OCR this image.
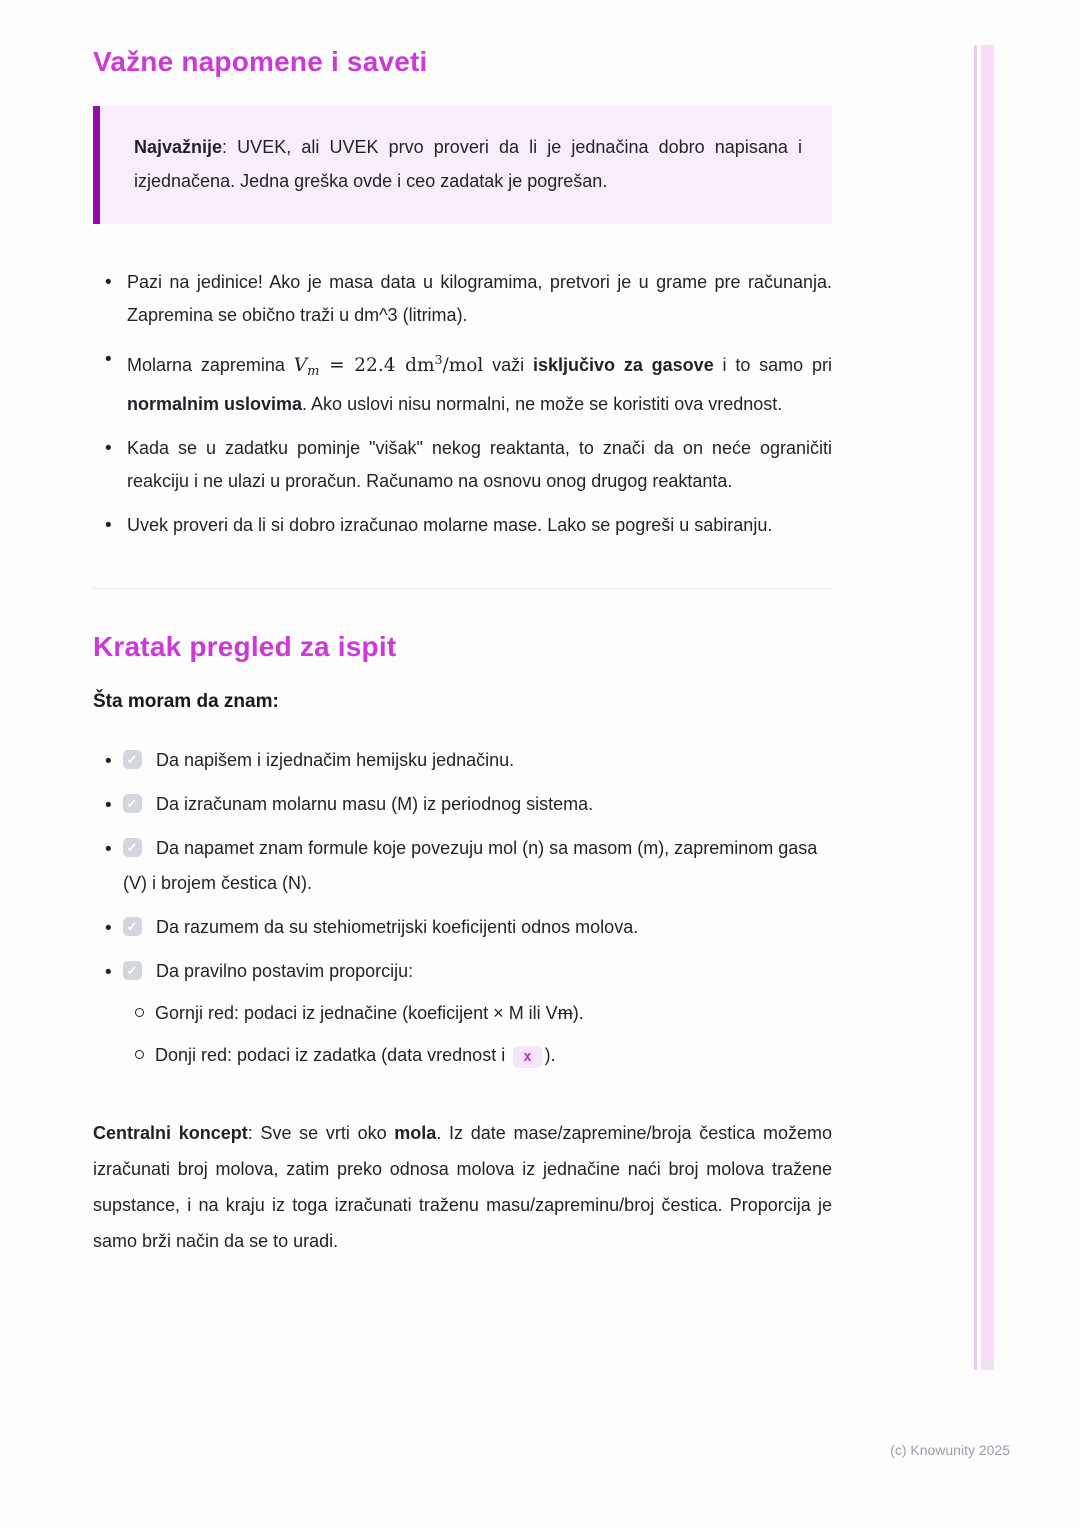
Važne napomene i saveti

Najvažnije: UVEK, ali UVEK prvo proveri da li je jednačina dobro napisana i izjednačena. Jedna greška ovde i ceo zadatak je pogrešan.

• Pazi na jedinice! Ako je masa data u kilogramima, pretvori je u grame pre računanja. Zapremina se obično traži u dm^3 (litrima).
• Molarna zapremina $V_m = 22.4$ $dm^3$/mol važi isključivo za gasove i to samo pri normalnim uslovima. Ako uslovi nisu normalni, ne može se koristiti ova vrednost.
• Kada se u zadatku pominje "višak" nekog reaktanta, to znači da on neće ograničiti reakciju i ne ulazi u proračun. Računamo na osnovu onog drugog reaktanta.
• Uvek proveri da li si dobro izračunao molarne mase. Lako se pogreši u sabiranju.
Kratak pregled za ispit

Šta moram da znam:

✓• Da napišem i izjednačim hemijsku jednačinu.
✓• Da izračunam molarnu masu (M) iz periodnog sistema.
✓• Da napamet znam formule koje povezuju mol (n) sa masom (m), zapreminom gasa (V) i brojem čestica (N).
✓• Da razumem da su stehiometrijski koeficijenti odnos molova.
✓• Da pravilno postavim proporciju:
Gornji red: podaci iz jednačine (koeficijent × M ili Vm).
Donji red: podaci iz zadatka (data vrednost i x ).

Centralni koncept: Sve se vrti oko mola. Iz date mase/zapremine/broja čestica možemo izračunati broj molova, zatim preko odnosa molova iz jednačine naći broj molova tražene supstance, i na kraju iz toga izračunati traženu masu/zapreminu/broj čestica. Proporcija je samo brži način da se to uradi.

(c) Knowunity 2025
